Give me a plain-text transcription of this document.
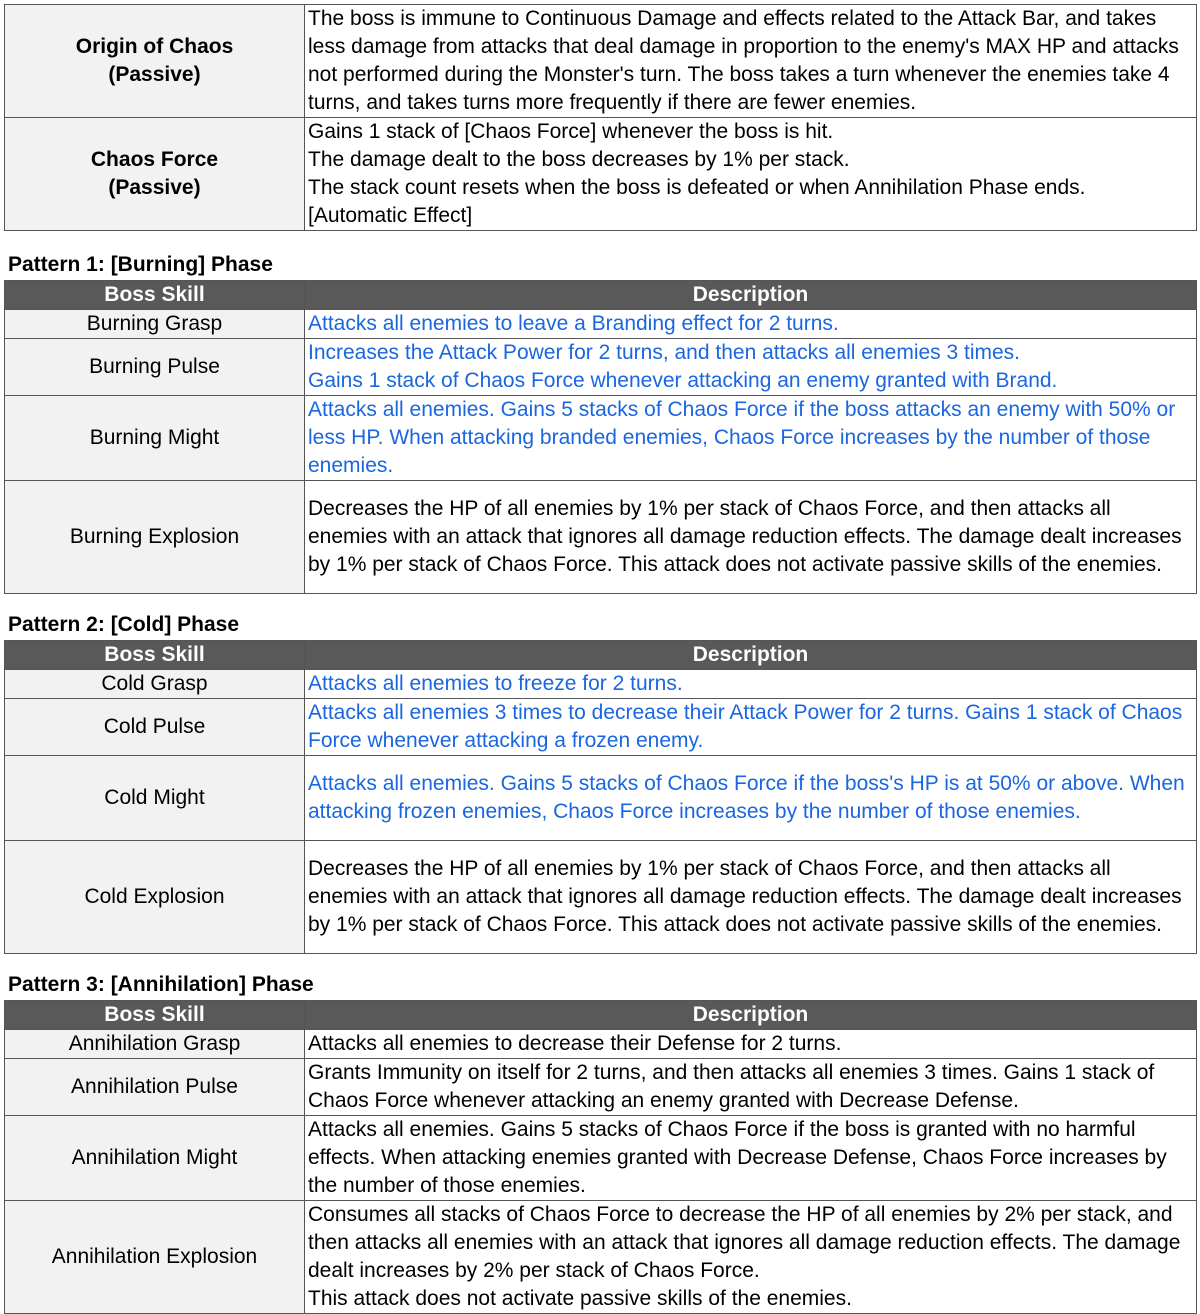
Origin of Chaos
(Passive)	The boss is immune to Continuous Damage and effects related to the Attack Bar, and takes less damage from attacks that deal damage in proportion to the enemy's MAX HP and attacks not performed during the Monster's turn. The boss takes a turn whenever the enemies take 4 turns, and takes turns more frequently if there are fewer enemies.
Chaos Force
(Passive)	Gains 1 stack of [Chaos Force] whenever the boss is hit.
The damage dealt to the boss decreases by 1% per stack.
The stack count resets when the boss is defeated or when Annihilation Phase ends.
[Automatic Effect]
Pattern 1: [Burning] Phase
Boss Skill	Description
Burning Grasp	Attacks all enemies to leave a Branding effect for 2 turns.
Burning Pulse	Increases the Attack Power for 2 turns, and then attacks all enemies 3 times.
Gains 1 stack of Chaos Force whenever attacking an enemy granted with Brand.
Burning Might	Attacks all enemies. Gains 5 stacks of Chaos Force if the boss attacks an enemy with 50% or less HP. When attacking branded enemies, Chaos Force increases by the number of those enemies.
Burning Explosion	Decreases the HP of all enemies by 1% per stack of Chaos Force, and then attacks all enemies with an attack that ignores all damage reduction effects. The damage dealt increases by 1% per stack of Chaos Force. This attack does not activate passive skills of the enemies.
Pattern 2: [Cold] Phase
Boss Skill	Description
Cold Grasp	Attacks all enemies to freeze for 2 turns.
Cold Pulse	Attacks all enemies 3 times to decrease their Attack Power for 2 turns. Gains 1 stack of Chaos Force whenever attacking a frozen enemy.
Cold Might	Attacks all enemies. Gains 5 stacks of Chaos Force if the boss's HP is at 50% or above. When attacking frozen enemies, Chaos Force increases by the number of those enemies.
Cold Explosion	Decreases the HP of all enemies by 1% per stack of Chaos Force, and then attacks all enemies with an attack that ignores all damage reduction effects. The damage dealt increases by 1% per stack of Chaos Force. This attack does not activate passive skills of the enemies.
Pattern 3: [Annihilation] Phase
Boss Skill	Description
Annihilation Grasp	Attacks all enemies to decrease their Defense for 2 turns.
Annihilation Pulse	Grants Immunity on itself for 2 turns, and then attacks all enemies 3 times. Gains 1 stack of Chaos Force whenever attacking an enemy granted with Decrease Defense.
Annihilation Might	Attacks all enemies. Gains 5 stacks of Chaos Force if the boss is granted with no harmful effects. When attacking enemies granted with Decrease Defense, Chaos Force increases by the number of those enemies.
Annihilation Explosion	Consumes all stacks of Chaos Force to decrease the HP of all enemies by 2% per stack, and then attacks all enemies with an attack that ignores all damage reduction effects. The damage dealt increases by 2% per stack of Chaos Force.
This attack does not activate passive skills of the enemies.
